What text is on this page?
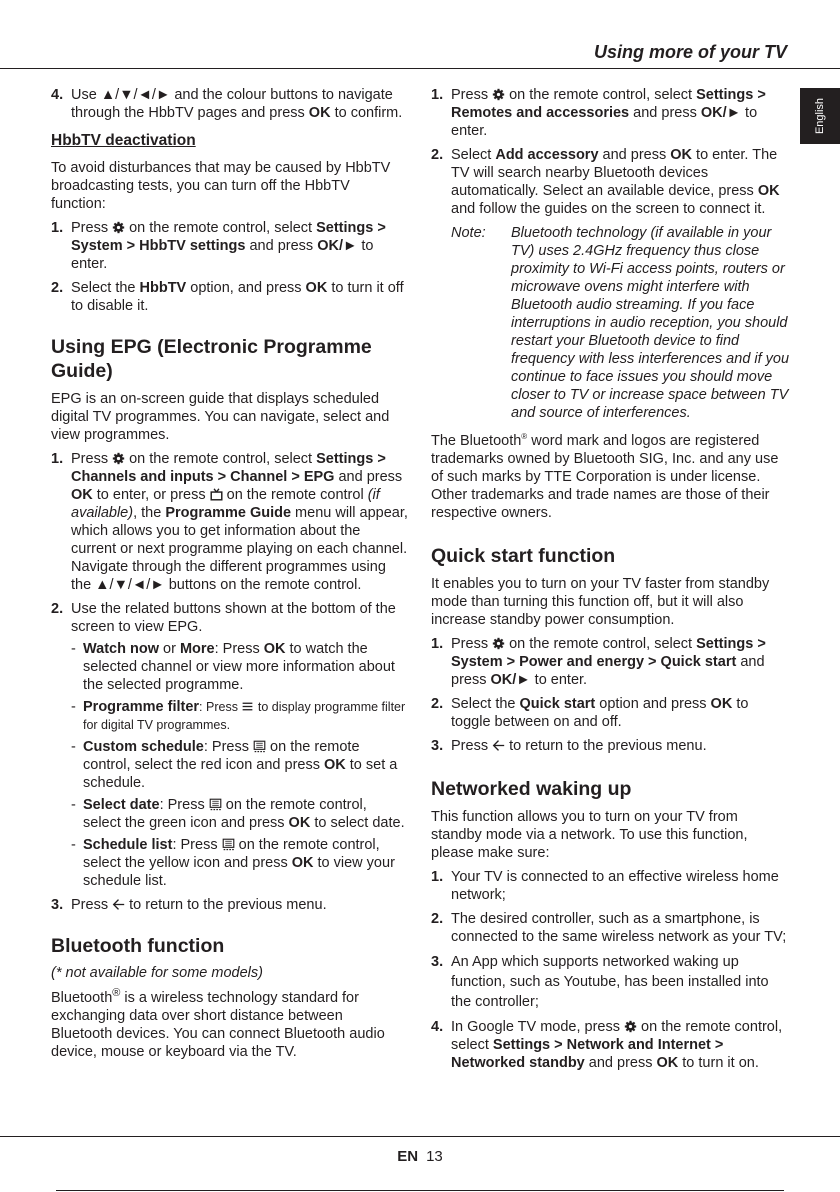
Using more of your TV
English
4. Use ▲/▼/◄/► and the colour buttons to navigate through the HbbTV pages and press OK to confirm.

HbbTV deactivation

To avoid disturbances that may be caused by HbbTV broadcasting tests, you can turn off the HbbTV function:

1. Press  on the remote control, select Settings > System > HbbTV settings and press OK/► to enter.
2. Select the HbbTV option, and press OK to turn it off to disable it.

Using EPG (Electronic Programme Guide)

EPG is an on-screen guide that displays scheduled digital TV programmes. You can navigate, select and view programmes.

1. Press  on the remote control, select Settings > Channels and inputs > Channel > EPG and press OK to enter, or press  on the remote control (if available), the Programme Guide menu will appear, which allows you to get information about the current or next programme playing on each channel. Navigate through the different programmes using the ▲/▼/◄/► buttons on the remote control.
2. Use the related buttons shown at the bottom of the screen to view EPG.
- Watch now or More: Press OK to watch the selected channel or view more information about the selected programme.
- Programme filter: Press  to display programme filter for digital TV programmes.
- Custom schedule: Press  on the remote control, select the red icon and press OK to set a schedule.
- Select date: Press  on the remote control, select the green icon and press OK to select date.
- Schedule list: Press  on the remote control, select the yellow icon and press OK to view your schedule list.
3. Press  to return to the previous menu.

Bluetooth function

(* not available for some models)

Bluetooth® is a wireless technology standard for exchanging data over short distance between Bluetooth devices. You can connect Bluetooth audio device, mouse or keyboard via the TV.

1. Press  on the remote control, select Settings > Remotes and accessories and press OK/► to enter.
2. Select Add accessory and press OK to enter. The TV will search nearby Bluetooth devices automatically. Select an available device, press OK and follow the guides on the screen to connect it.
Note: Bluetooth technology (if available in your TV) uses 2.4GHz frequency thus close proximity to Wi-Fi access points, routers or microwave ovens might interfere with Bluetooth audio streaming. If you face interruptions in audio reception, you should restart your Bluetooth device to find frequency with less interferences and if you continue to face issues you should move closer to TV or increase space between TV and source of interferences.

The Bluetooth® word mark and logos are registered trademarks owned by Bluetooth SIG, Inc. and any use of such marks by TTE Corporation is under license. Other trademarks and trade names are those of their respective owners.

Quick start function

It enables you to turn on your TV faster from standby mode than turning this function off, but it will also increase standby power consumption.

1. Press  on the remote control, select Settings > System > Power and energy > Quick start and press OK/► to enter.
2. Select the Quick start option and press OK to toggle between on and off.
3. Press  to return to the previous menu.

Networked waking up

This function allows you to turn on your TV from standby mode via a network. To use this function, please make sure:

1. Your TV is connected to an effective wireless home network;
2. The desired controller, such as a smartphone, is connected to the same wireless network as your TV;
3. An App which supports networked waking up function, such as Youtube, has been installed into the controller;
4. In Google TV mode, press  on the remote control, select Settings > Network and Internet > Networked standby and press OK to turn it on.
EN 13
